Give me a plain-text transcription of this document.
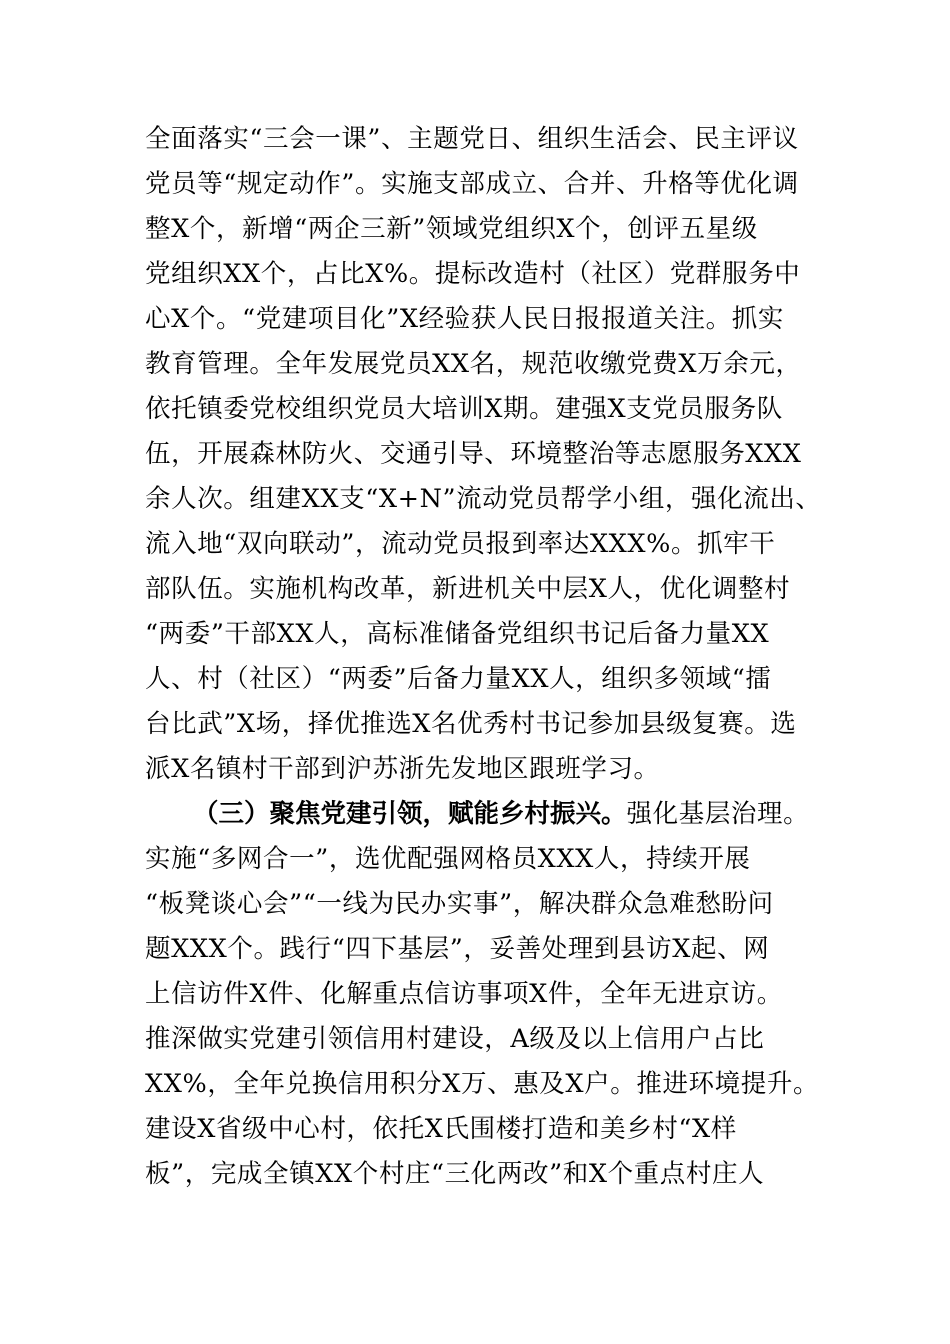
全面落实“三会一课”、主题党日、组织生活会、民主评议
党员等“规定动作”。实施支部成立、合并、升格等优化调
整X个，新增“两企三新”领域党组织X个，创评五星级
党组织XX个，占比X%。提标改造村（社区）党群服务中
心X个。“党建项目化”X经验获人民日报报道关注。抓实
教育管理。全年发展党员XX名，规范收缴党费X万余元，
依托镇委党校组织党员大培训X期。建强X支党员服务队
伍，开展森林防火、交通引导、环境整治等志愿服务XXX
余人次。组建XX支“X+N”流动党员帮学小组，强化流出、
流入地“双向联动”，流动党员报到率达XXX%。抓牢干
部队伍。实施机构改革，新进机关中层X人，优化调整村
“两委”干部XX人，高标准储备党组织书记后备力量XX
人、村（社区）“两委”后备力量XX人，组织多领域“擂
台比武”X场，择优推选X名优秀村书记参加县级复赛。选
派X名镇村干部到沪苏浙先发地区跟班学习。
（三）聚焦党建引领，赋能乡村振兴。强化基层治理。
实施“多网合一”，选优配强网格员XXX人，持续开展
“板凳谈心会”“一线为民办实事”，解决群众急难愁盼问
题XXX个。践行“四下基层”，妥善处理到县访X起、网
上信访件X件、化解重点信访事项X件，全年无进京访。
推深做实党建引领信用村建设，A级及以上信用户占比
XX%，全年兑换信用积分X万、惠及X户。推进环境提升。
建设X省级中心村，依托X氏围楼打造和美乡村“X样
板”，完成全镇XX个村庄“三化两改”和X个重点村庄人
